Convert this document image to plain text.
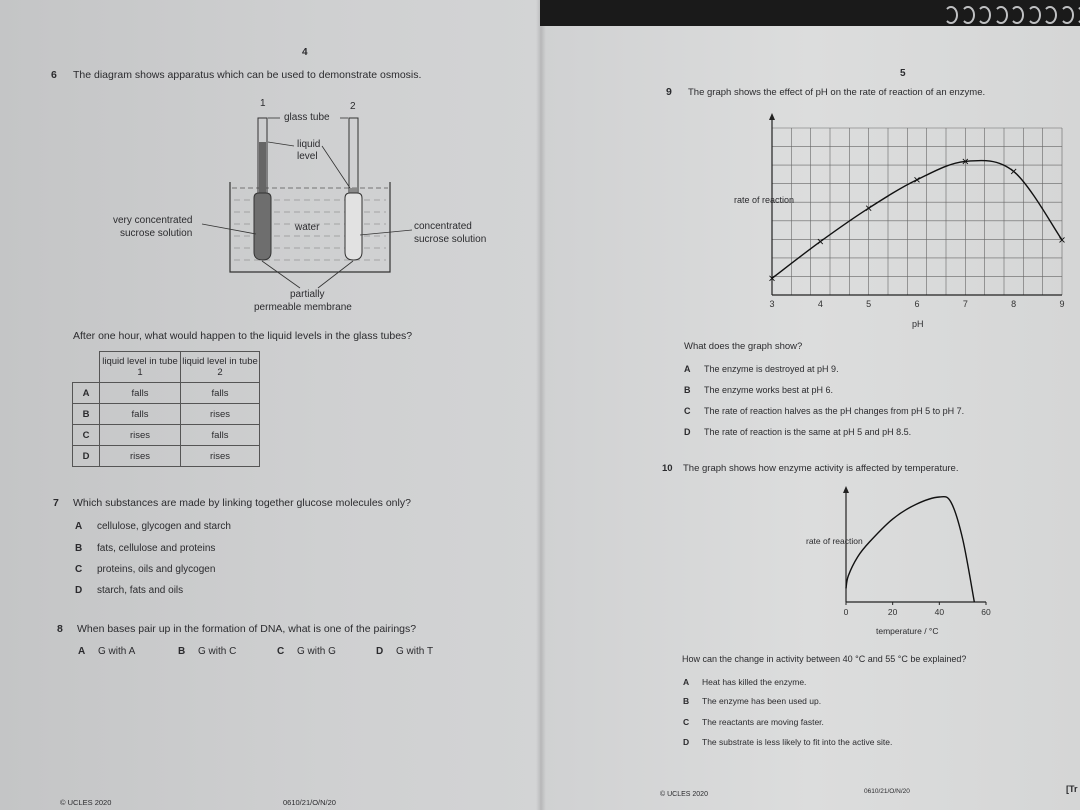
4
6 The diagram shows apparatus which can be used to demonstrate osmosis.
1	2
glass tube
liquid
level
very concentrated
sucrose solution
water	concentrated
sucrose solution
partially
permeable membrane
After one hour, what would happen to the liquid levels in the glass tubes?
	liquid level in tube 1	liquid level in tube 2
A	falls	falls
B	falls	rises
C	rises	falls
D	rises	rises
7 Which substances are made by linking together glucose molecules only?
A cellulose, glycogen and starch
B fats, cellulose and proteins
C proteins, oils and glycogen
D starch, fats and oils
8 When bases pair up in the formation of DNA, what is one of the pairings?
A G with A	B G with C	C G with G	D G with T
© UCLES 2020	0610/21/O/N/20
5
9 The graph shows the effect of pH on the rate of reaction of an enzyme.
3	4	5	6	7	8	9
rate of reaction
pH
What does the graph show?
A The enzyme is destroyed at pH 9.
B The enzyme works best at pH 6.
C The rate of reaction halves as the pH changes from pH 5 to pH 7.
D The rate of reaction is the same at pH 5 and pH 8.5.
10 The graph shows how enzyme activity is affected by temperature.
0	20	40	60
rate of reaction
temperature / °C
How can the change in activity between 40 °C and 55 °C be explained?
A Heat has killed the enzyme.
B The enzyme has been used up.
C The reactants are moving faster.
D The substrate is less likely to fit into the active site.
© UCLES 2020	0610/21/O/N/20	[Tr
